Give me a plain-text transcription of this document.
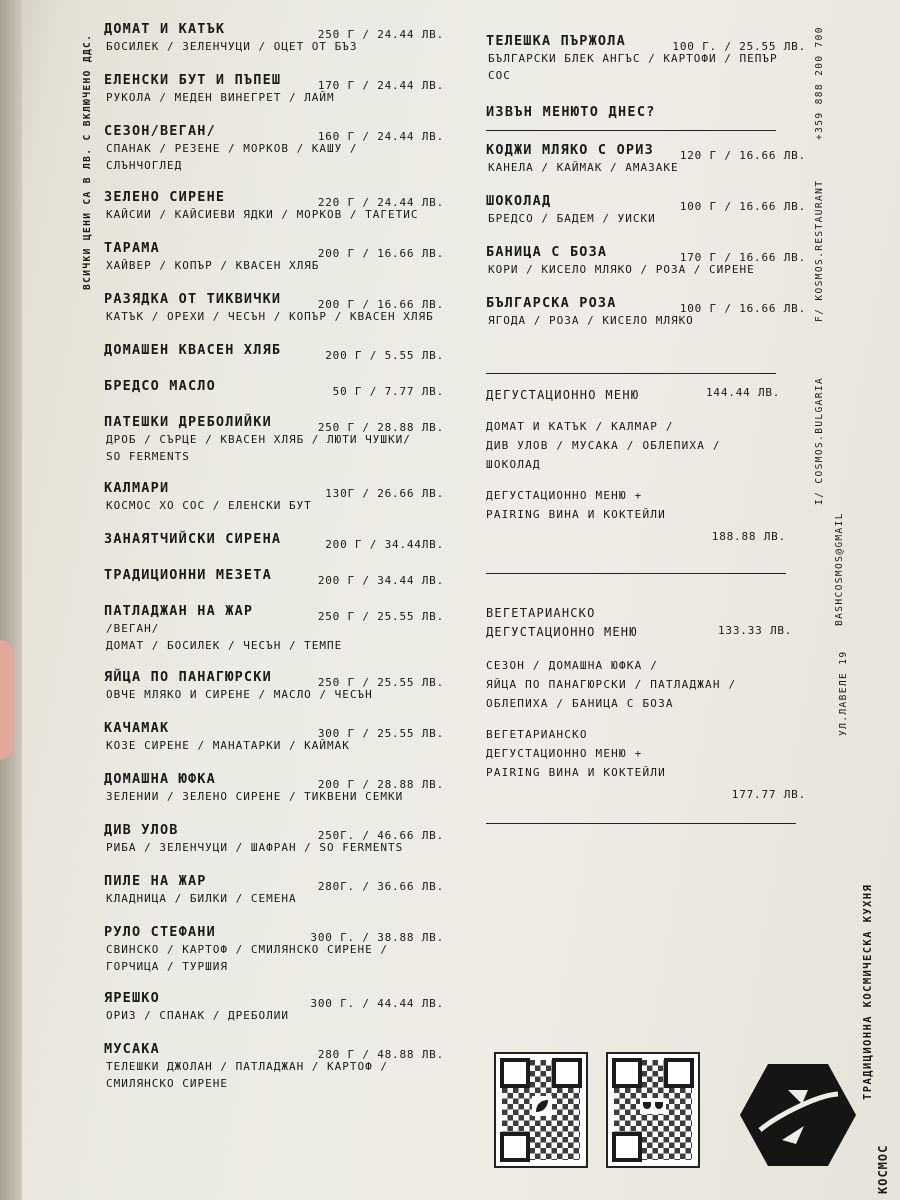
ВСИЧКИ ЦЕНИ СА В ЛВ. С ВКЛЮЧЕНО ДДС.
ДОМАТ И КАТЪК	250 Г / 24.44 ЛВ.
БОСИЛЕК / ЗЕЛЕНЧУЦИ / ОЦЕТ ОТ БЪЗ
ЕЛЕНСКИ БУТ И ПЪПЕШ	170 Г / 24.44 ЛВ.
РУКОЛА / МЕДЕН ВИНЕГРЕТ / ЛАЙМ
СЕЗОН/ВЕГАН/	160 Г / 24.44 ЛВ.
СПАНАК / РЕЗЕНЕ / МОРКОВ / КАШУ /
СЛЪНЧОГЛЕД
ЗЕЛЕНО СИРЕНЕ	220 Г / 24.44 ЛВ.
КАЙСИИ / КАЙСИЕВИ ЯДКИ / МОРКОВ / ТАГЕТИС
ТАРАМА	200 Г / 16.66 ЛВ.
ХАЙВЕР / КОПЪР / КВАСЕН ХЛЯБ
РАЗЯДКА ОТ ТИКВИЧКИ	200 Г / 16.66 ЛВ.
КАТЪК / ОРЕХИ / ЧЕСЪН / КОПЪР / КВАСЕН ХЛЯБ
ДОМАШЕН КВАСЕН ХЛЯБ	200 Г / 5.55 ЛВ.
БРЕДСО МАСЛО	50 Г / 7.77 ЛВ.
ПАТЕШКИ ДРЕБОЛИЙКИ	250 Г / 28.88 ЛВ.
ДРОБ / СЪРЦЕ / КВАСЕН ХЛЯБ / ЛЮТИ ЧУШКИ/
SO FERMENTS
КАЛМАРИ	130Г / 26.66 ЛВ.
КОСМОС ХО СОС / ЕЛЕНСКИ БУТ
ЗАНАЯТЧИЙСКИ СИРЕНА	200 Г / 34.44ЛВ.
ТРАДИЦИОННИ МЕЗЕТА	200 Г / 34.44 ЛВ.
ПАТЛАДЖАН НА ЖАР	250 Г / 25.55 ЛВ.
/ВЕГАН/
ДОМАТ / БОСИЛЕК / ЧЕСЪН / ТЕМПЕ
ЯЙЦА ПО ПАНАГЮРСКИ	250 Г / 25.55 ЛВ.
ОВЧЕ МЛЯКО И СИРЕНЕ / МАСЛО / ЧЕСЪН
КАЧАМАК	300 Г / 25.55 ЛВ.
КОЗЕ СИРЕНЕ / МАНАТАРКИ / КАЙМАК
ДОМАШНА ЮФКА	200 Г / 28.88 ЛВ.
ЗЕЛЕНИИ / ЗЕЛЕНО СИРЕНЕ / ТИКВЕНИ СЕМКИ
ДИВ УЛОВ	250Г. / 46.66 ЛВ.
РИБА / ЗЕЛЕНЧУЦИ / ШАФРАН / SO FERMENTS
ПИЛЕ НА ЖАР	280Г. / 36.66 ЛВ.
КЛАДНИЦА / БИЛКИ / СЕМЕНА
РУЛО СТЕФАНИ	300 Г. / 38.88 ЛВ.
СВИНСКО / КАРТОФ / СМИЛЯНСКО СИРЕНЕ /
ГОРЧИЦА / ТУРШИЯ
ЯРЕШКО	300 Г. / 44.44 ЛВ.
ОРИЗ / СПАНАК / ДРЕБОЛИИ
МУСАКА	280 Г / 48.88 ЛВ.
ТЕЛЕШКИ ДЖОЛАН / ПАТЛАДЖАН / КАРТОФ /
СМИЛЯНСКО СИРЕНЕ
ТЕЛЕШКА ПЪРЖОЛА	100 Г. / 25.55 ЛВ.
БЪЛГАРСКИ БЛЕК АНГЪС / КАРТОФИ / ПЕПЪР
СОС
ИЗВЪН МЕНЮТО ДНЕС?
КОДЖИ МЛЯКО С ОРИЗ	120 Г / 16.66 ЛВ.
КАНЕЛА / КАЙМАК / АМАЗАКЕ
ШОКОЛАД	100 Г / 16.66 ЛВ.
БРЕДСО / БАДЕМ / УИСКИ
БАНИЦА С БОЗА	170 Г / 16.66 ЛВ.
КОРИ / КИСЕЛО МЛЯКО / РОЗА / СИРЕНЕ
БЪЛГАРСКА РОЗА	100 Г / 16.66 ЛВ.
ЯГОДА / РОЗА / КИСЕЛО МЛЯКО
ДЕГУСТАЦИОННО МЕНЮ	144.44 ЛВ.
ДОМАТ И КАТЪК / КАЛМАР /
ДИВ УЛОВ / МУСАКА / ОБЛЕПИХА /
ШОКОЛАД
ДЕГУСТАЦИОННО МЕНЮ +
PAIRING ВИНА И КОКТЕЙЛИ
188.88 ЛВ.
ВЕГЕТАРИАНСКО
ДЕГУСТАЦИОННО МЕНЮ	133.33 ЛВ.
СЕЗОН / ДОМАШНА ЮФКА /
ЯЙЦА ПО ПАНАГЮРСКИ / ПАТЛАДЖАН /
ОБЛЕПИХА / БАНИЦА С БОЗА
ВЕГЕТАРИАНСКО
ДЕГУСТАЦИОННО МЕНЮ +
PAIRING ВИНА И КОКТЕЙЛИ
177.77 ЛВ.
+359 888 200 700
F/ KOSMOS.RESTAURANT
I/ COSMOS.BULGARIA
BASHCOSMOS@GMAIL
УЛ.ЛАВЕЛЕ 19
ТРАДИЦИОННА КОСМИЧЕСКА КУХНЯ
КОСМОС
